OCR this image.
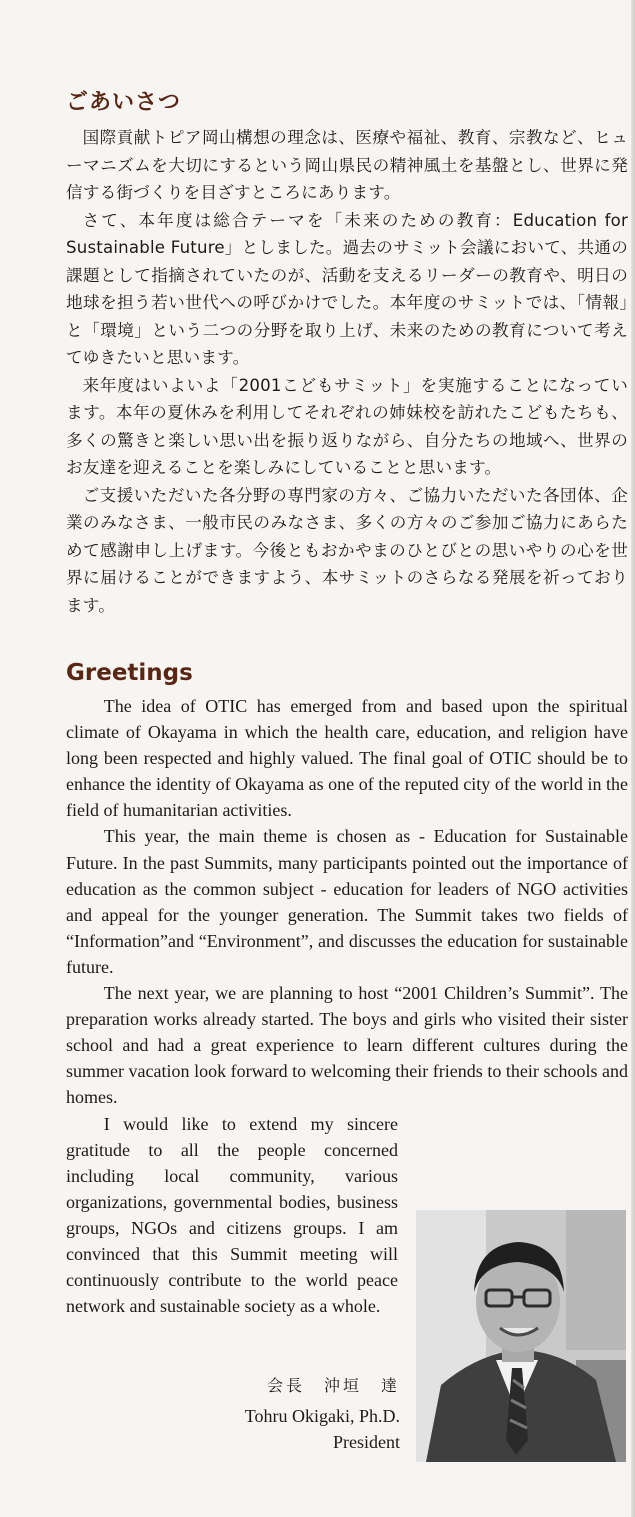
ごあいさつ

国際貢献トピア岡山構想の理念は、医療や福祉、教育、宗教など、ヒューマニズムを大切にするという岡山県民の精神風土を基盤とし、世界に発信する街づくりを目ざすところにあります。

さて、本年度は総合テーマを「未来のための教育：Education for Sustainable Future」としました。過去のサミット会議において、共通の課題として指摘されていたのが、活動を支えるリーダーの教育や、明日の地球を担う若い世代への呼びかけでした。本年度のサミットでは、「情報」と「環境」という二つの分野を取り上げ、未来のための教育について考えてゆきたいと思います。

来年度はいよいよ「2001こどもサミット」を実施することになっています。本年の夏休みを利用してそれぞれの姉妹校を訪れたこどもたちも、多くの驚きと楽しい思い出を振り返りながら、自分たちの地域へ、世界のお友達を迎えることを楽しみにしていることと思います。

ご支援いただいた各分野の専門家の方々、ご協力いただいた各団体、企業のみなさま、一般市民のみなさま、多くの方々のご参加ご協力にあらためて感謝申し上げます。今後ともおかやまのひとびとの思いやりの心を世界に届けることができますよう、本サミットのさらなる発展を祈っております。

Greetings

The idea of OTIC has emerged from and based upon the spiritual climate of Okayama in which the health care, education, and religion have long been respected and highly valued. The final goal of OTIC should be to enhance the identity of Okayama as one of the reputed city of the world in the field of humanitarian activities.

This year, the main theme is chosen as - Education for Sustainable Future. In the past Summits, many participants pointed out the importance of education as the common subject - education for leaders of NGO activities and appeal for the younger generation. The Summit takes two fields of “Information”and “Environment”, and discusses the education for sustainable future.

The next year, we are planning to host “2001 Children’s Summit”. The preparation works already started. The boys and girls who visited their sister school and had a great experience to learn different cultures during the summer vacation look forward to welcoming their friends to their schools and homes.

I would like to extend my sincere gratitude to all the people concerned including local community, various organizations, governmental bodies, business groups, NGOs and citizens groups. I am convinced that this Summit meeting will continuously contribute to the world peace network and sustainable society as a whole.

会長　沖垣　達
Tohru Okigaki, Ph.D.
President
